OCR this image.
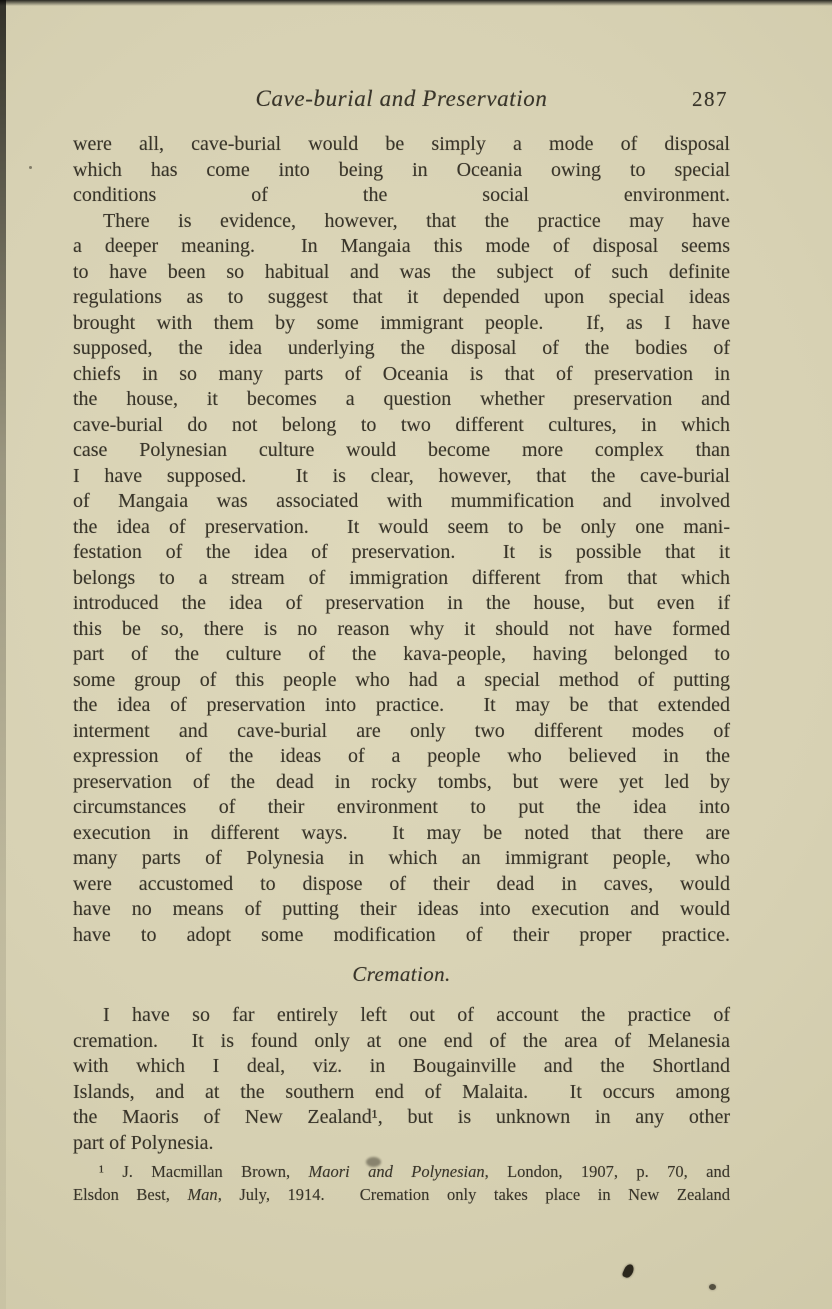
Cave-burial and Preservation	287
were all, cave-burial would be simply a mode of disposal
which has come into being in Oceania owing to special
conditions of the social environment.
There is evidence, however, that the practice may have
a deeper meaning.  In Mangaia this mode of disposal seems
to have been so habitual and was the subject of such definite
regulations as to suggest that it depended upon special ideas
brought with them by some immigrant people.  If, as I have
supposed, the idea underlying the disposal of the bodies of
chiefs in so many parts of Oceania is that of preservation in
the house, it becomes a question whether preservation and
cave-burial do not belong to two different cultures, in which
case Polynesian culture would become more complex than
I have supposed.  It is clear, however, that the cave-burial
of Mangaia was associated with mummification and involved
the idea of preservation.  It would seem to be only one mani-
festation of the idea of preservation.  It is possible that it
belongs to a stream of immigration different from that which
introduced the idea of preservation in the house, but even if
this be so, there is no reason why it should not have formed
part of the culture of the kava-people, having belonged to
some group of this people who had a special method of putting
the idea of preservation into practice.  It may be that extended
interment and cave-burial are only two different modes of
expression of the ideas of a people who believed in the
preservation of the dead in rocky tombs, but were yet led by
circumstances of their environment to put the idea into
execution in different ways.  It may be noted that there are
many parts of Polynesia in which an immigrant people, who
were accustomed to dispose of their dead in caves, would
have no means of putting their ideas into execution and would
have to adopt some modification of their proper practice.
Cremation.
I have so far entirely left out of account the practice of
cremation.  It is found only at one end of the area of Melanesia
with which I deal, viz. in Bougainville and the Shortland
Islands, and at the southern end of Malaita.  It occurs among
the Maoris of New Zealand¹, but is unknown in any other
part of Polynesia.
¹ J. Macmillan Brown, Maori and Polynesian, London, 1907, p. 70, and
Elsdon Best, Man, July, 1914.  Cremation only takes place in New Zealand
